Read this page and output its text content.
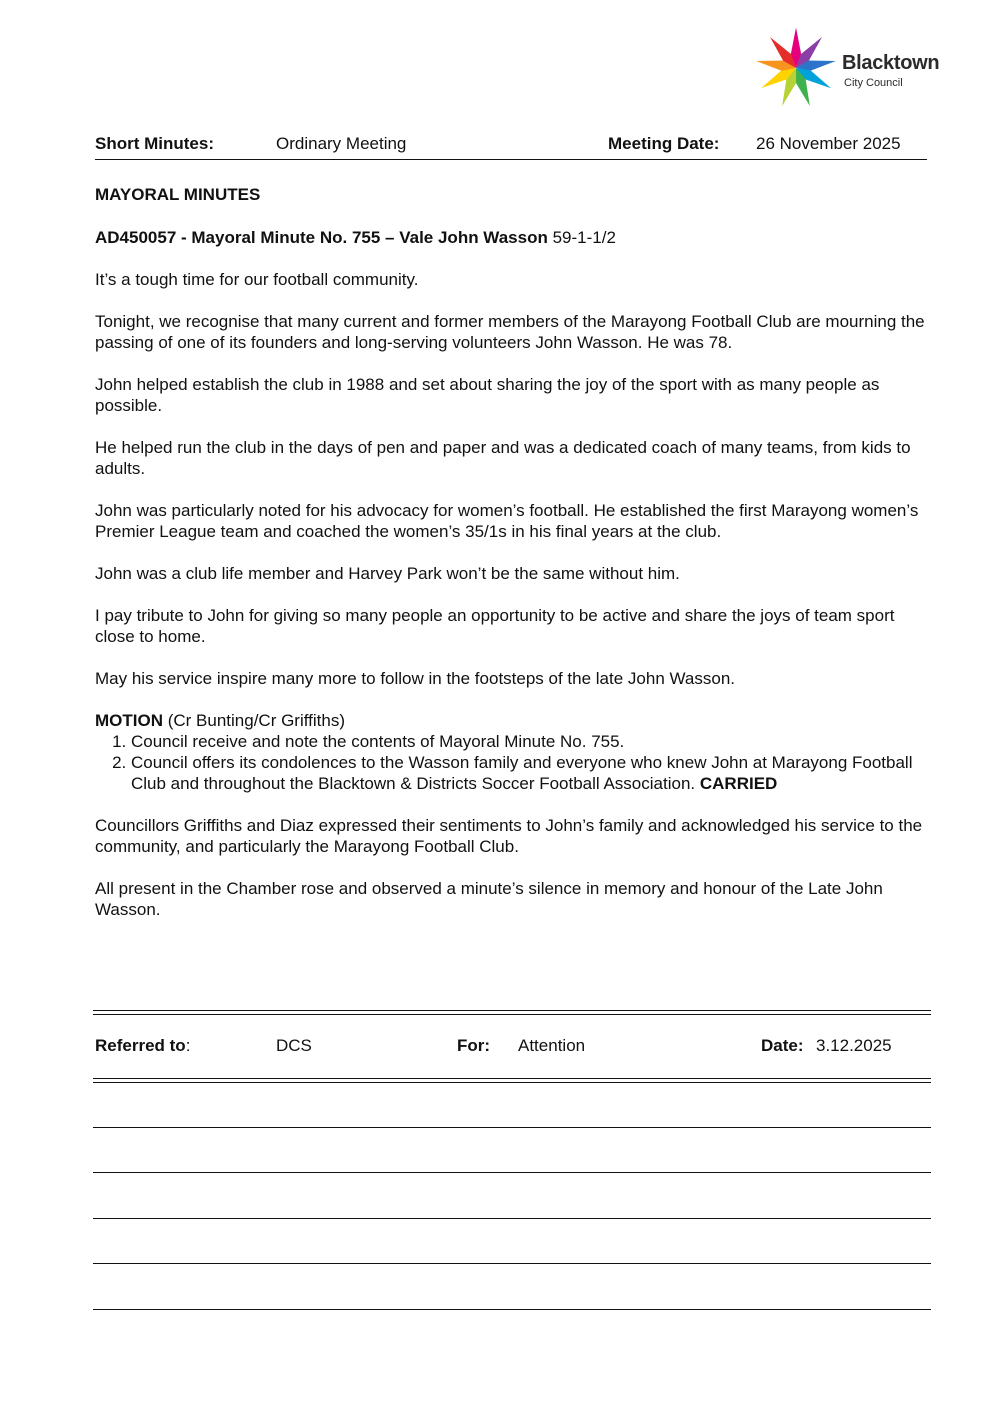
Blacktown
City Council
Short Minutes:	Ordinary Meeting	Meeting Date: 26 November 2025
MAYORAL MINUTES
AD450057 - Mayoral Minute No. 755 – Vale John Wasson 59-1-1/2

It’s a tough time for our football community.

Tonight, we recognise that many current and former members of the Marayong Football Club are mourning the passing of one of its founders and long-serving volunteers John Wasson. He was 78.

John helped establish the club in 1988 and set about sharing the joy of the sport with as many people as possible.

He helped run the club in the days of pen and paper and was a dedicated coach of many teams, from kids to adults.

John was particularly noted for his advocacy for women’s football. He established the first Marayong women’s Premier League team and coached the women’s 35/1s in his final years at the club.

John was a club life member and Harvey Park won’t be the same without him.

I pay tribute to John for giving so many people an opportunity to be active and share the joys of team sport close to home.

May his service inspire many more to follow in the footsteps of the late John Wasson.

MOTION (Cr Bunting/Cr Griffiths)
1. Council receive and note the contents of Mayoral Minute No. 755.
2. Council offers its condolences to the Wasson family and everyone who knew John at Marayong Football Club and throughout the Blacktown & Districts Soccer Football Association. CARRIED

Councillors Griffiths and Diaz expressed their sentiments to John’s family and acknowledged his service to the community, and particularly the Marayong Football Club.

All present in the Chamber rose and observed a minute’s silence in memory and honour of the Late John Wasson.

Referred to :	DCS	For: Attention	Date: 3.12.2025
